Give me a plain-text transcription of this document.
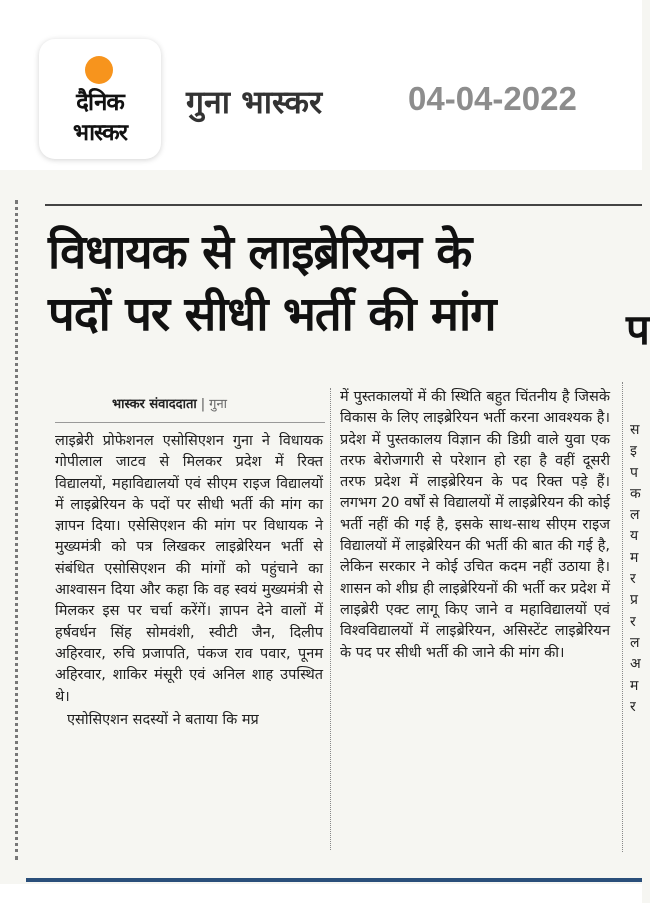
दैनिक
भास्कर
गुना भास्कर	04-04-2022
विधायक से लाइब्रेरियन के
पदों पर सीधी भर्ती की मांग
भास्कर संवाददाता | गुना

लाइब्रेरी प्रोफेशनल एसोसिएशन गुना ने विधायक गोपीलाल जाटव से मिलकर प्रदेश में रिक्त विद्यालयों, महाविद्यालयों एवं सीएम राइज विद्यालयों में लाइब्रेरियन के पदों पर सीधी भर्ती की मांग का ज्ञापन दिया। एसेसिएशन की मांग पर विधायक ने मुख्यमंत्री को पत्र लिखकर लाइब्रेरियन भर्ती से संबंधित एसोसिएशन की मांगों को पहुंचाने का आश्वासन दिया और कहा कि वह स्वयं मुख्यमंत्री से मिलकर इस पर चर्चा करेंगें। ज्ञापन देने वालों में हर्षवर्धन सिंह सोमवंशी, स्वीटी जैन, दिलीप अहिरवार, रुचि प्रजापति, पंकज राव पवार, पूनम अहिरवार, शाकिर मंसूरी एवं अनिल शाह उपस्थित थे।

एसोसिएशन सदस्यों ने बताया कि मप्र

में पुस्तकालयों में की स्थिति बहुत चिंतनीय है जिसके विकास के लिए लाइब्रेरियन भर्ती करना आवश्यक है। प्रदेश में पुस्तकालय विज्ञान की डिग्री वाले युवा एक तरफ बेरोजगारी से परेशान हो रहा है वहीं दूसरी तरफ प्रदेश में लाइब्रेरियन के पद रिक्त पड़े हैं। लगभग 20 वर्षों से विद्यालयों में लाइब्रेरियन की कोई भर्ती नहीं की गई है, इसके साथ-साथ सीएम राइज विद्यालयों में लाइब्रेरियन की भर्ती की बात की गई है, लेकिन सरकार ने कोई उचित कदम नहीं उठाया है। शासन को शीघ्र ही लाइब्रेरियनों की भर्ती कर प्रदेश में लाइब्रेरी एक्ट लागू किए जाने व महाविद्यालयों एवं विश्वविद्यालयों में लाइब्रेरियन, असिस्टेंट लाइब्रेरियन के पद पर सीधी भर्ती की जाने की मांग की।

प
स इ प क ल य म र प्र र ल अ म र
